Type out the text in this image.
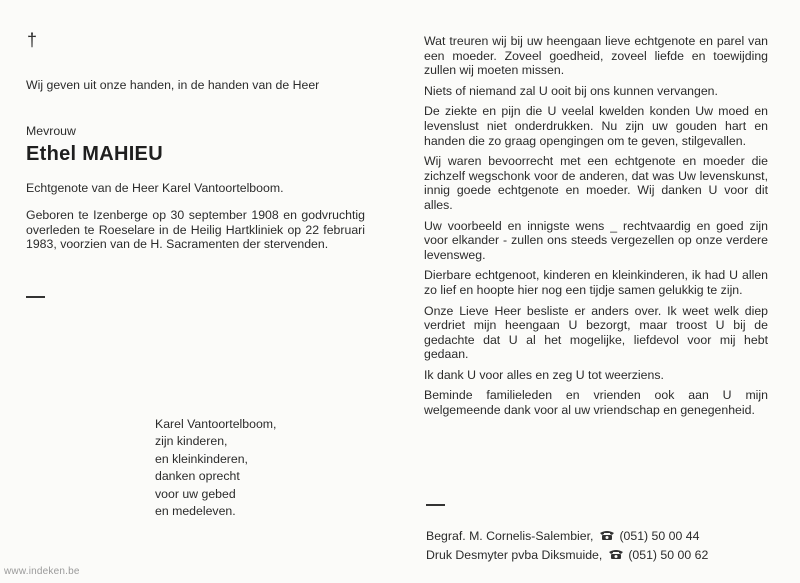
†

Wij geven uit onze handen, in de handen van de Heer

Mevrouw
Ethel MAHIEU

Echtgenote van de Heer Karel Vantoortelboom.

Geboren te Izenberge op 30 september 1908 en godvruchtig overleden te Roeselare in de Heilig Hartkliniek op 22 februari 1983, voorzien van de H. Sacramenten der stervenden.

Karel Vantoortelboom,
zijn kinderen,
en kleinkinderen,
danken oprecht
voor uw gebed
en medeleven.

Wat treuren wij bij uw heengaan lieve echtgenote en parel van een moeder. Zoveel goedheid, zoveel liefde en toewijding zullen wij moeten missen.

Niets of niemand zal U ooit bij ons kunnen vervangen.

De ziekte en pijn die U veelal kwelden konden Uw moed en levenslust niet onderdrukken. Nu zijn uw gouden hart en handen die zo graag opengingen om te geven, stilgevallen.

Wij waren bevoorrecht met een echtgenote en moeder die zichzelf wegschonk voor de anderen, dat was Uw levenskunst, innig goede echtgenote en moeder. Wij danken U voor dit alles.

Uw voorbeeld en innigste wens _ rechtvaardig en goed zijn voor elkander - zullen ons steeds vergezellen op onze verdere levensweg.

Dierbare echtgenoot, kinderen en kleinkinderen, ik had U allen zo lief en hoopte hier nog een tijdje samen gelukkig te zijn.

Onze Lieve Heer besliste er anders over. Ik weet welk diep verdriet mijn heengaan U bezorgt, maar troost U bij de gedachte dat U al het mogelijke, liefdevol voor mij hebt gedaan.

Ik dank U voor alles en zeg U tot weerziens.

Beminde familieleden en vrienden ook aan U mijn welgemeende dank voor al uw vriendschap en genegenheid.

Begraf. M. Cornelis-Salembier, (051) 50 00 44
Druk Desmyter pvba Diksmuide, (051) 50 00 62
www.indeken.be
